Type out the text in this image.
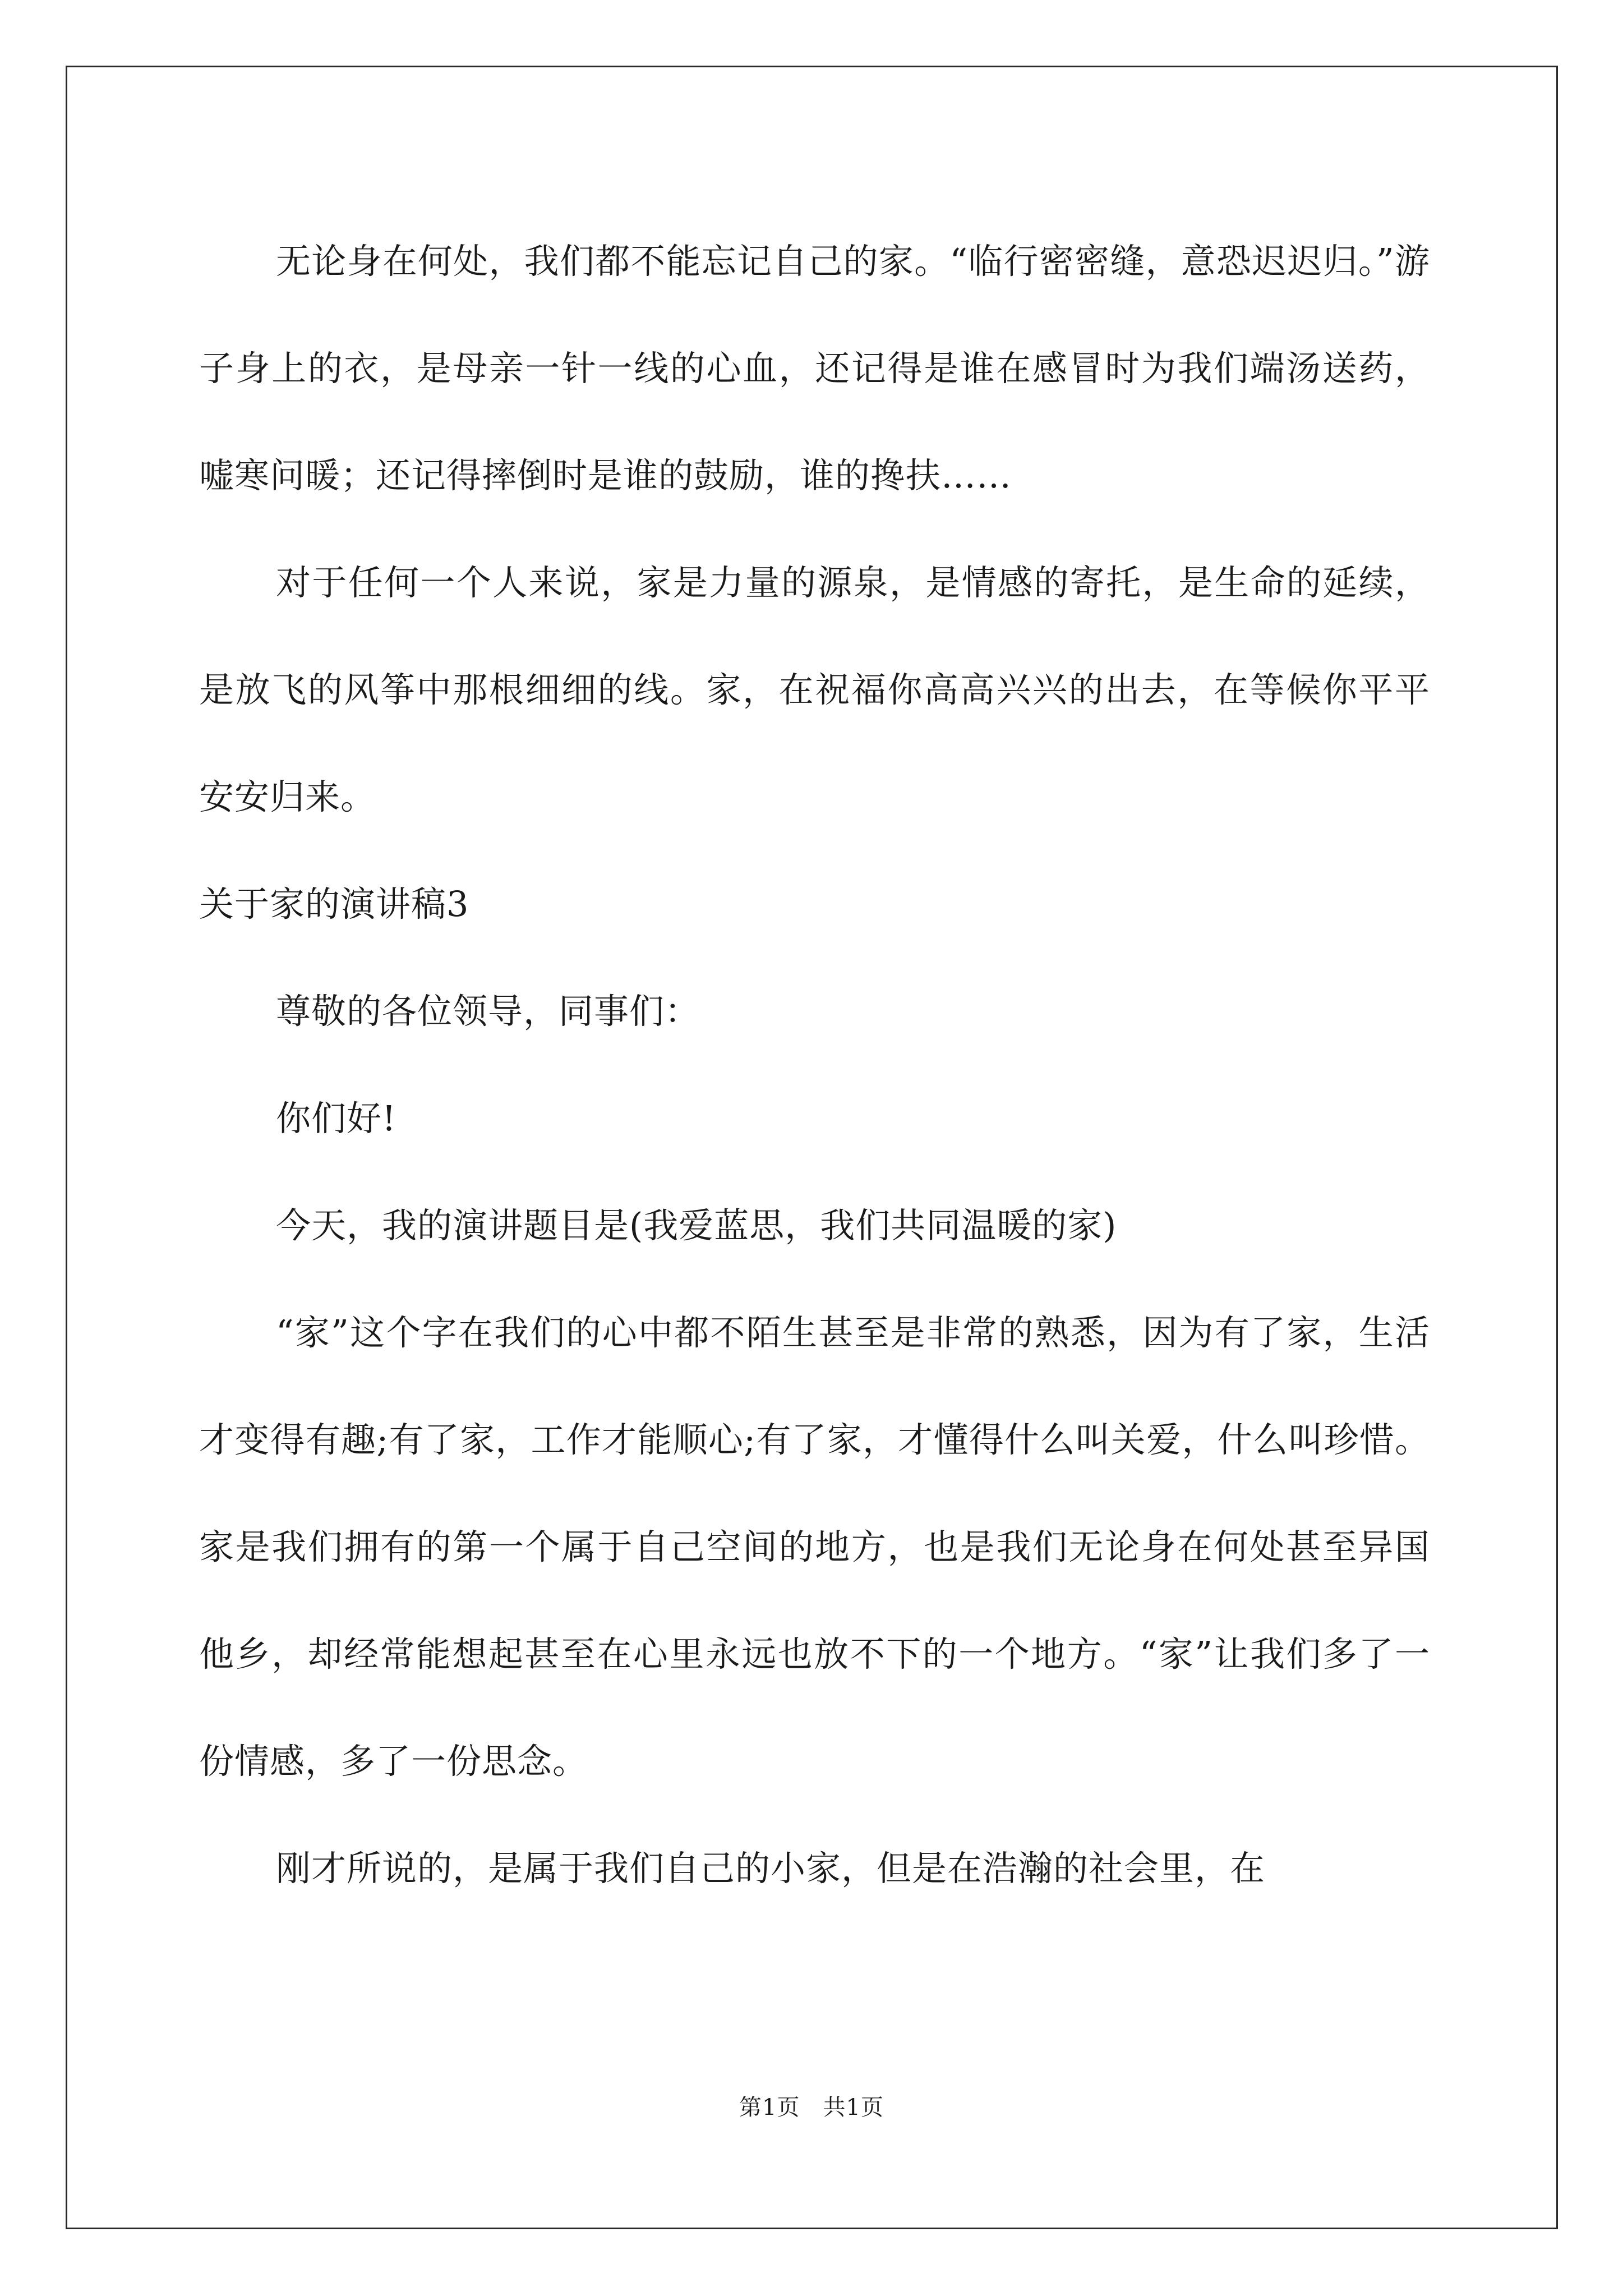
无论身在何处，我们都不能忘记自己的家。“临行密密缝，意恐迟迟归。”游子身上的衣，是母亲一针一线的心血，还记得是谁在感冒时为我们端汤送药，嘘寒问暖；还记得摔倒时是谁的鼓励，谁的搀扶……

对于任何一个人来说，家是力量的源泉，是情感的寄托，是生命的延续，是放飞的风筝中那根细细的线。家，在祝福你高高兴兴的出去，在等候你平平安安归来。

关于家的演讲稿3

尊敬的各位领导，同事们：

你们好!

今天，我的演讲题目是(我爱蓝思，我们共同温暖的家)

“家”这个字在我们的心中都不陌生甚至是非常的熟悉，因为有了家，生活才变得有趣;有了家，工作才能顺心;有了家，才懂得什么叫关爱，什么叫珍惜。家是我们拥有的第一个属于自己空间的地方，也是我们无论身在何处甚至异国他乡，却经常能想起甚至在心里永远也放不下的一个地方。“家”让我们多了一份情感，多了一份思念。

刚才所说的，是属于我们自己的小家，但是在浩瀚的社会里，在

第1页　共1页
